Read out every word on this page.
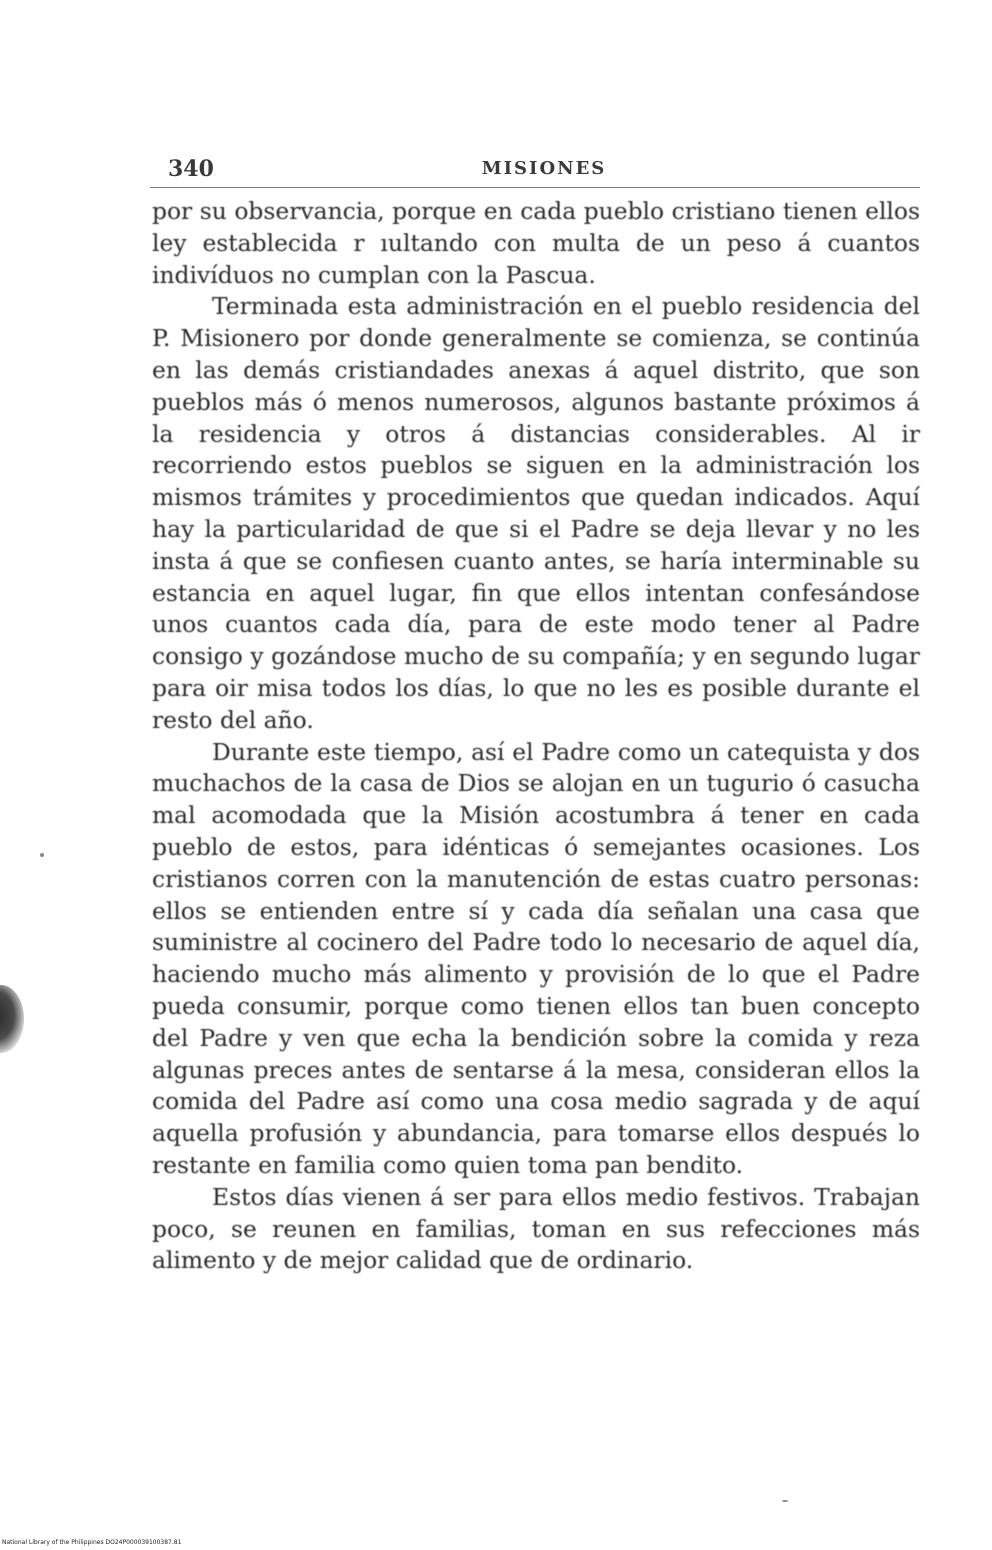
340	MISIONES

por su observancia, porque en cada pueblo cristiano tienen ellos ley establecida r ıultando con multa de un peso á cuantos indivíduos no cumplan con la Pascua.

Terminada esta administración en el pueblo residencia del P. Misionero por donde generalmente se comienza, se continúa en las demás cristiandades anexas á aquel distrito, que son pueblos más ó menos numerosos, algunos bastante próximos á la residencia y otros á distancias considerables. Al ir recorriendo estos pueblos se siguen en la administración los mismos trámites y procedimientos que quedan indicados. Aquí hay la particularidad de que si el Padre se deja llevar y no les insta á que se confiesen cuanto antes, se haría interminable su estancia en aquel lugar, fin que ellos intentan confesándose unos cuantos cada día, para de este modo tener al Padre consigo y gozándose mucho de su compañía; y en segundo lugar para oir misa todos los días, lo que no les es posible durante el resto del año.

Durante este tiempo, así el Padre como un catequista y dos muchachos de la casa de Dios se alojan en un tugurio ó casucha mal acomodada que la Misión acostumbra á tener en cada pueblo de estos, para idénticas ó semejantes ocasiones. Los cristianos corren con la manutención de estas cuatro personas: ellos se entienden entre sí y cada día señalan una casa que suministre al cocinero del Padre todo lo necesario de aquel día, haciendo mucho más alimento y provisión de lo que el Padre pueda consumir, porque como tienen ellos tan buen concepto del Padre y ven que echa la bendición sobre la comida y reza algunas preces antes de sentarse á la mesa, consideran ellos la comida del Padre así como una cosa medio sagrada y de aquí aquella profusión y abundancia, para tomarse ellos después lo restante en familia como quien toma pan bendito.

Estos días vienen á ser para ellos medio festivos. Trabajan poco, se reunen en familias, toman en sus refecciones más alimento y de mejor calidad que de ordinario.

National Library of the Philippines DO24P000039100387.81
